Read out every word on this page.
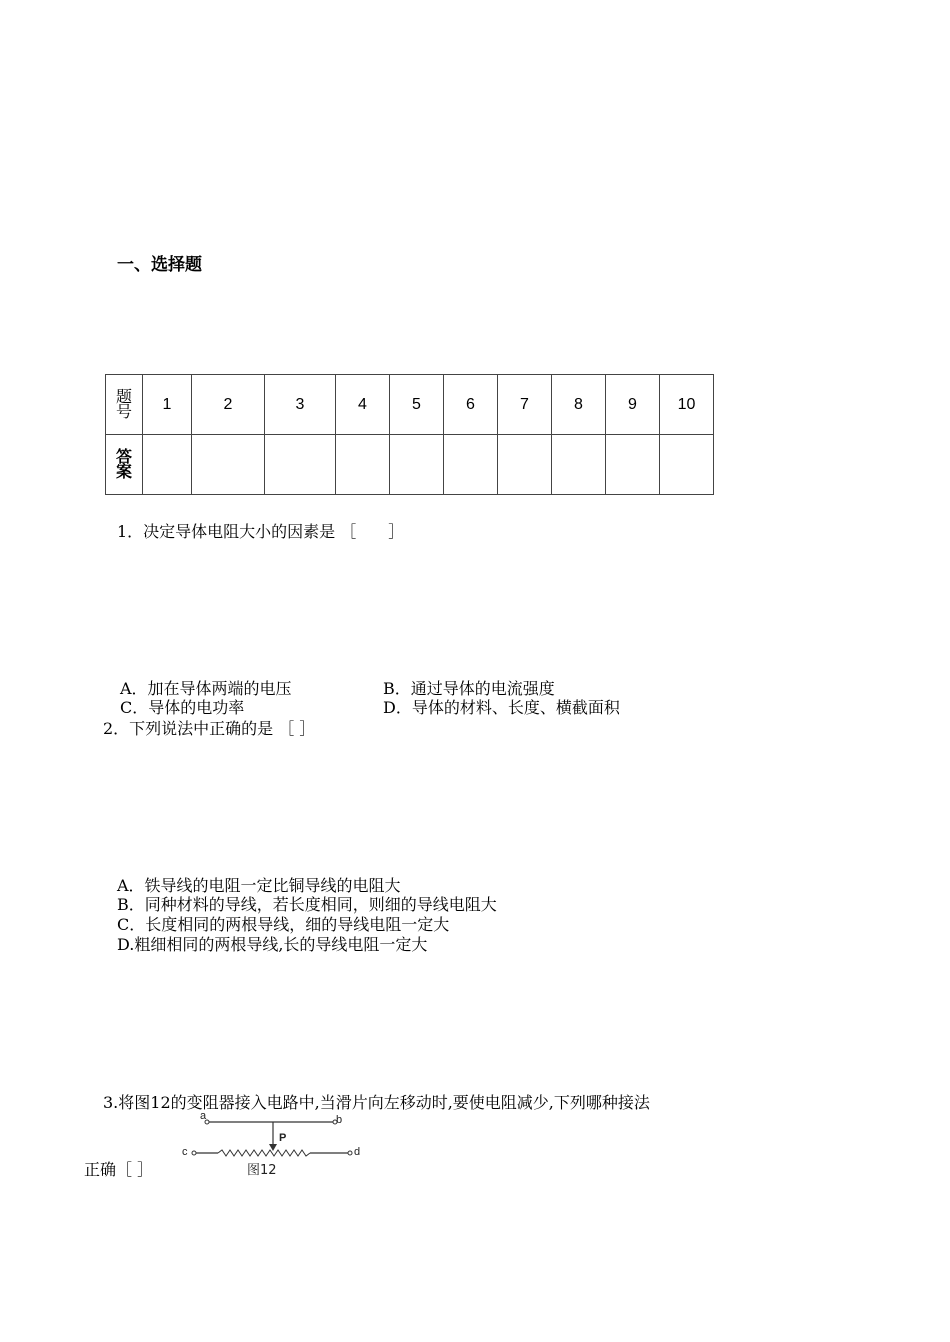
一、选择题
题号	1	2	3	4	5	6	7	8	9	10

答案										

1．决定导体电阻大小的因素是 ［　　］
A．加在导体两端的电压	B．通过导体的电流强度
C．导体的电功率	D．导体的材料、长度、横截面积
2．下列说法中正确的是 ［ ］
A．铁导线的电阻一定比铜导线的电阻大
B．同种材料的导线，若长度相同，则细的导线电阻大
C．长度相同的两根导线，细的导线电阻一定大
D.粗细相同的两根导线,长的导线电阻一定大
3.将图12的变阻器接入电路中,当滑片向左移动时,要使电阻减少,下列哪种接法
正确［ ］
a	b
c	d
P
图12
